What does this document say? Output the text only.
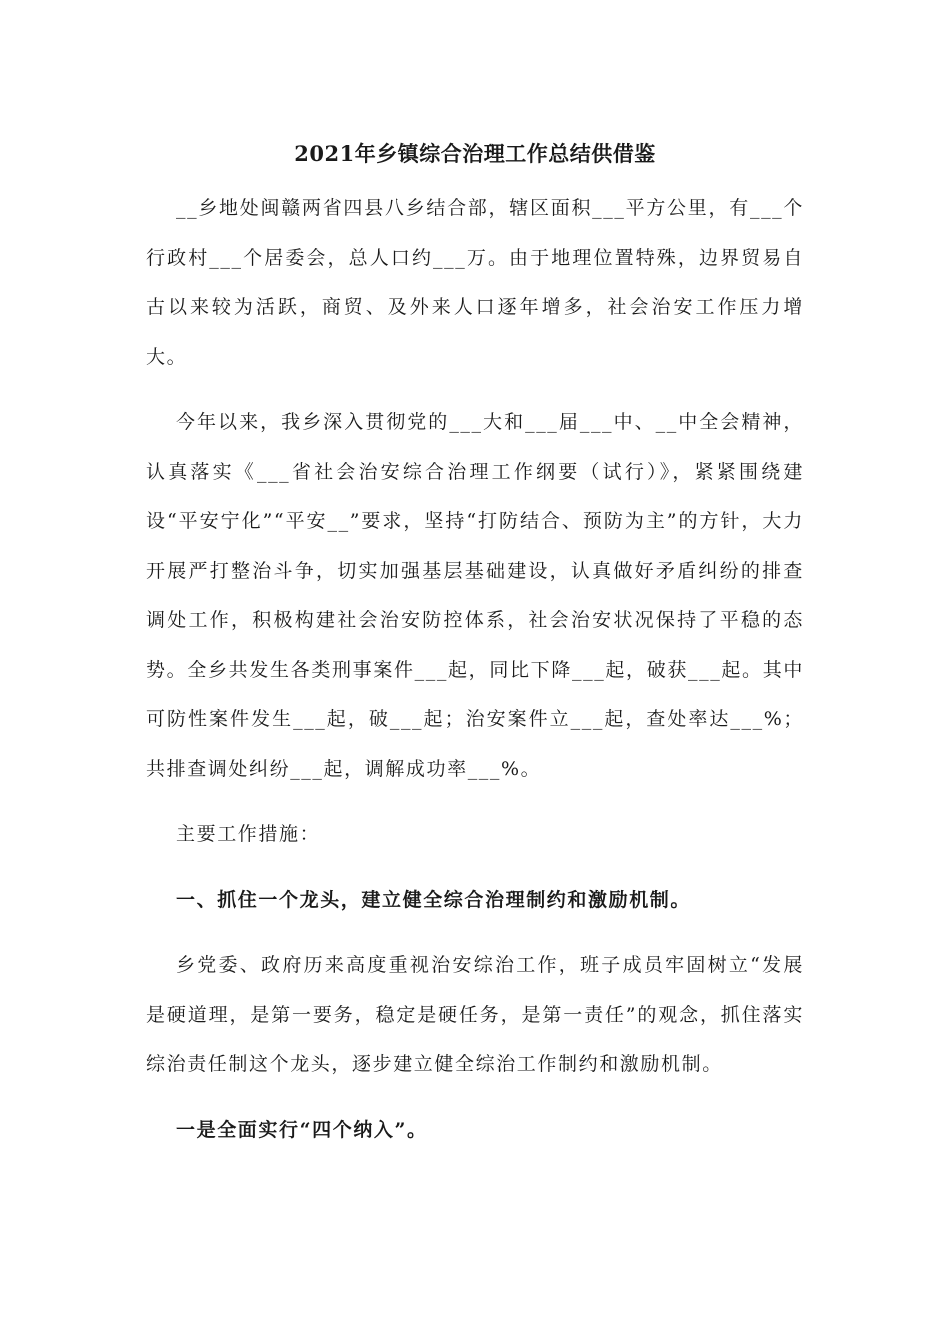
2021年乡镇综合治理工作总结供借鉴

__乡地处闽赣两省四县八乡结合部，辖区面积___平方公里，有___个行政村___个居委会，总人口约___万。由于地理位置特殊，边界贸易自古以来较为活跃，商贸、及外来人口逐年增多，社会治安工作压力增大。

今年以来，我乡深入贯彻党的___大和___届___中、__中全会精神，认真落实《___省社会治安综合治理工作纲要（试行）》，紧紧围绕建设“平安宁化”“平安__”要求，坚持“打防结合、预防为主”的方针，大力开展严打整治斗争，切实加强基层基础建设，认真做好矛盾纠纷的排查调处工作，积极构建社会治安防控体系，社会治安状况保持了平稳的态势。全乡共发生各类刑事案件___起，同比下降___起，破获___起。其中可防性案件发生___起，破___起；治安案件立___起，查处率达___%；共排查调处纠纷___起，调解成功率___%。

主要工作措施：

一、抓住一个龙头，建立健全综合治理制约和激励机制。

乡党委、政府历来高度重视治安综治工作，班子成员牢固树立“发展是硬道理，是第一要务，稳定是硬任务，是第一责任”的观念，抓住落实综治责任制这个龙头，逐步建立健全综治工作制约和激励机制。

一是全面实行“四个纳入”。
